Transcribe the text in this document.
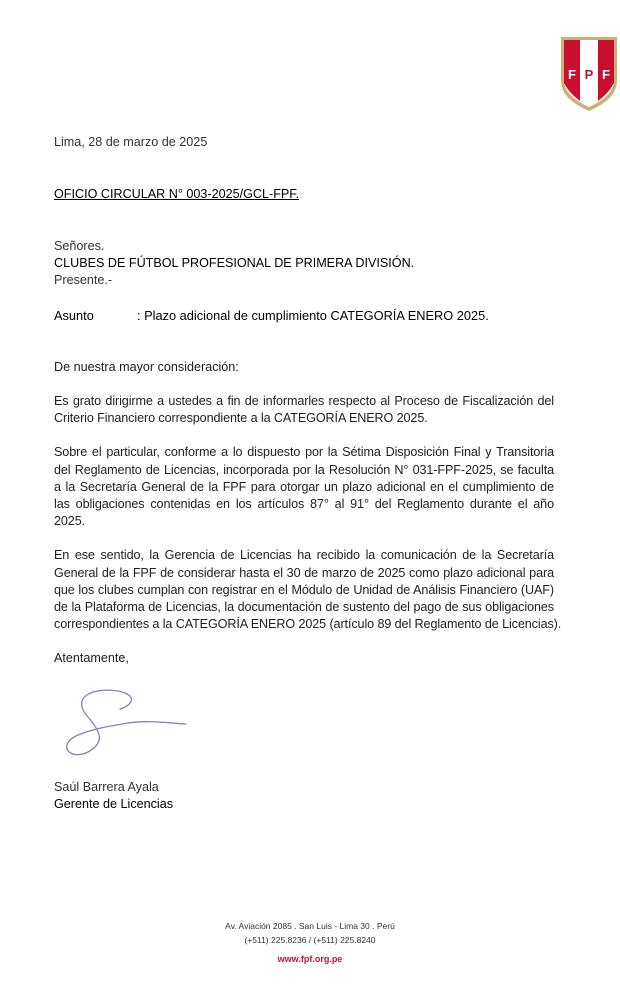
F P F
Lima, 28 de marzo de 2025
OFICIO CIRCULAR N° 003-2025/GCL-FPF.
Señores.
CLUBES DE FÚTBOL PROFESIONAL DE PRIMERA DIVISIÓN.
Presente.-
Asunto	: Plazo adicional de cumplimiento CATEGORÍA ENERO 2025.
De nuestra mayor consideración:
Es grato dirigirme a ustedes a fin de informarles respecto al Proceso de Fiscalización del
Criterio Financiero correspondiente a la CATEGORÍA ENERO 2025.
Sobre el particular, conforme a lo dispuesto por la Sétima Disposición Final y Transitoria
del Reglamento de Licencias, incorporada por la Resolución N° 031-FPF-2025, se faculta
a la Secretaría General de la FPF para otorgar un plazo adicional en el cumplimiento de
las obligaciones contenidas en los artículos 87° al 91° del Reglamento durante el año
2025.
En ese sentido, la Gerencia de Licencias ha recibido la comunicación de la Secretaría
General de la FPF de considerar hasta el 30 de marzo de 2025 como plazo adicional para
que los clubes cumplan con registrar en el Módulo de Unidad de Análisis Financiero (UAF)
de la Plataforma de Licencias, la documentación de sustento del pago de sus obligaciones
correspondientes a la CATEGORÍA ENERO 2025 (artículo 89 del Reglamento de Licencias).
Atentamente,
Saúl Barrera Ayala
Gerente de Licencias
Av. Aviación 2085 . San Luis - Lima 30 . Perú
(+511) 225.8236 / (+511) 225.8240
www.fpf.org.pe
